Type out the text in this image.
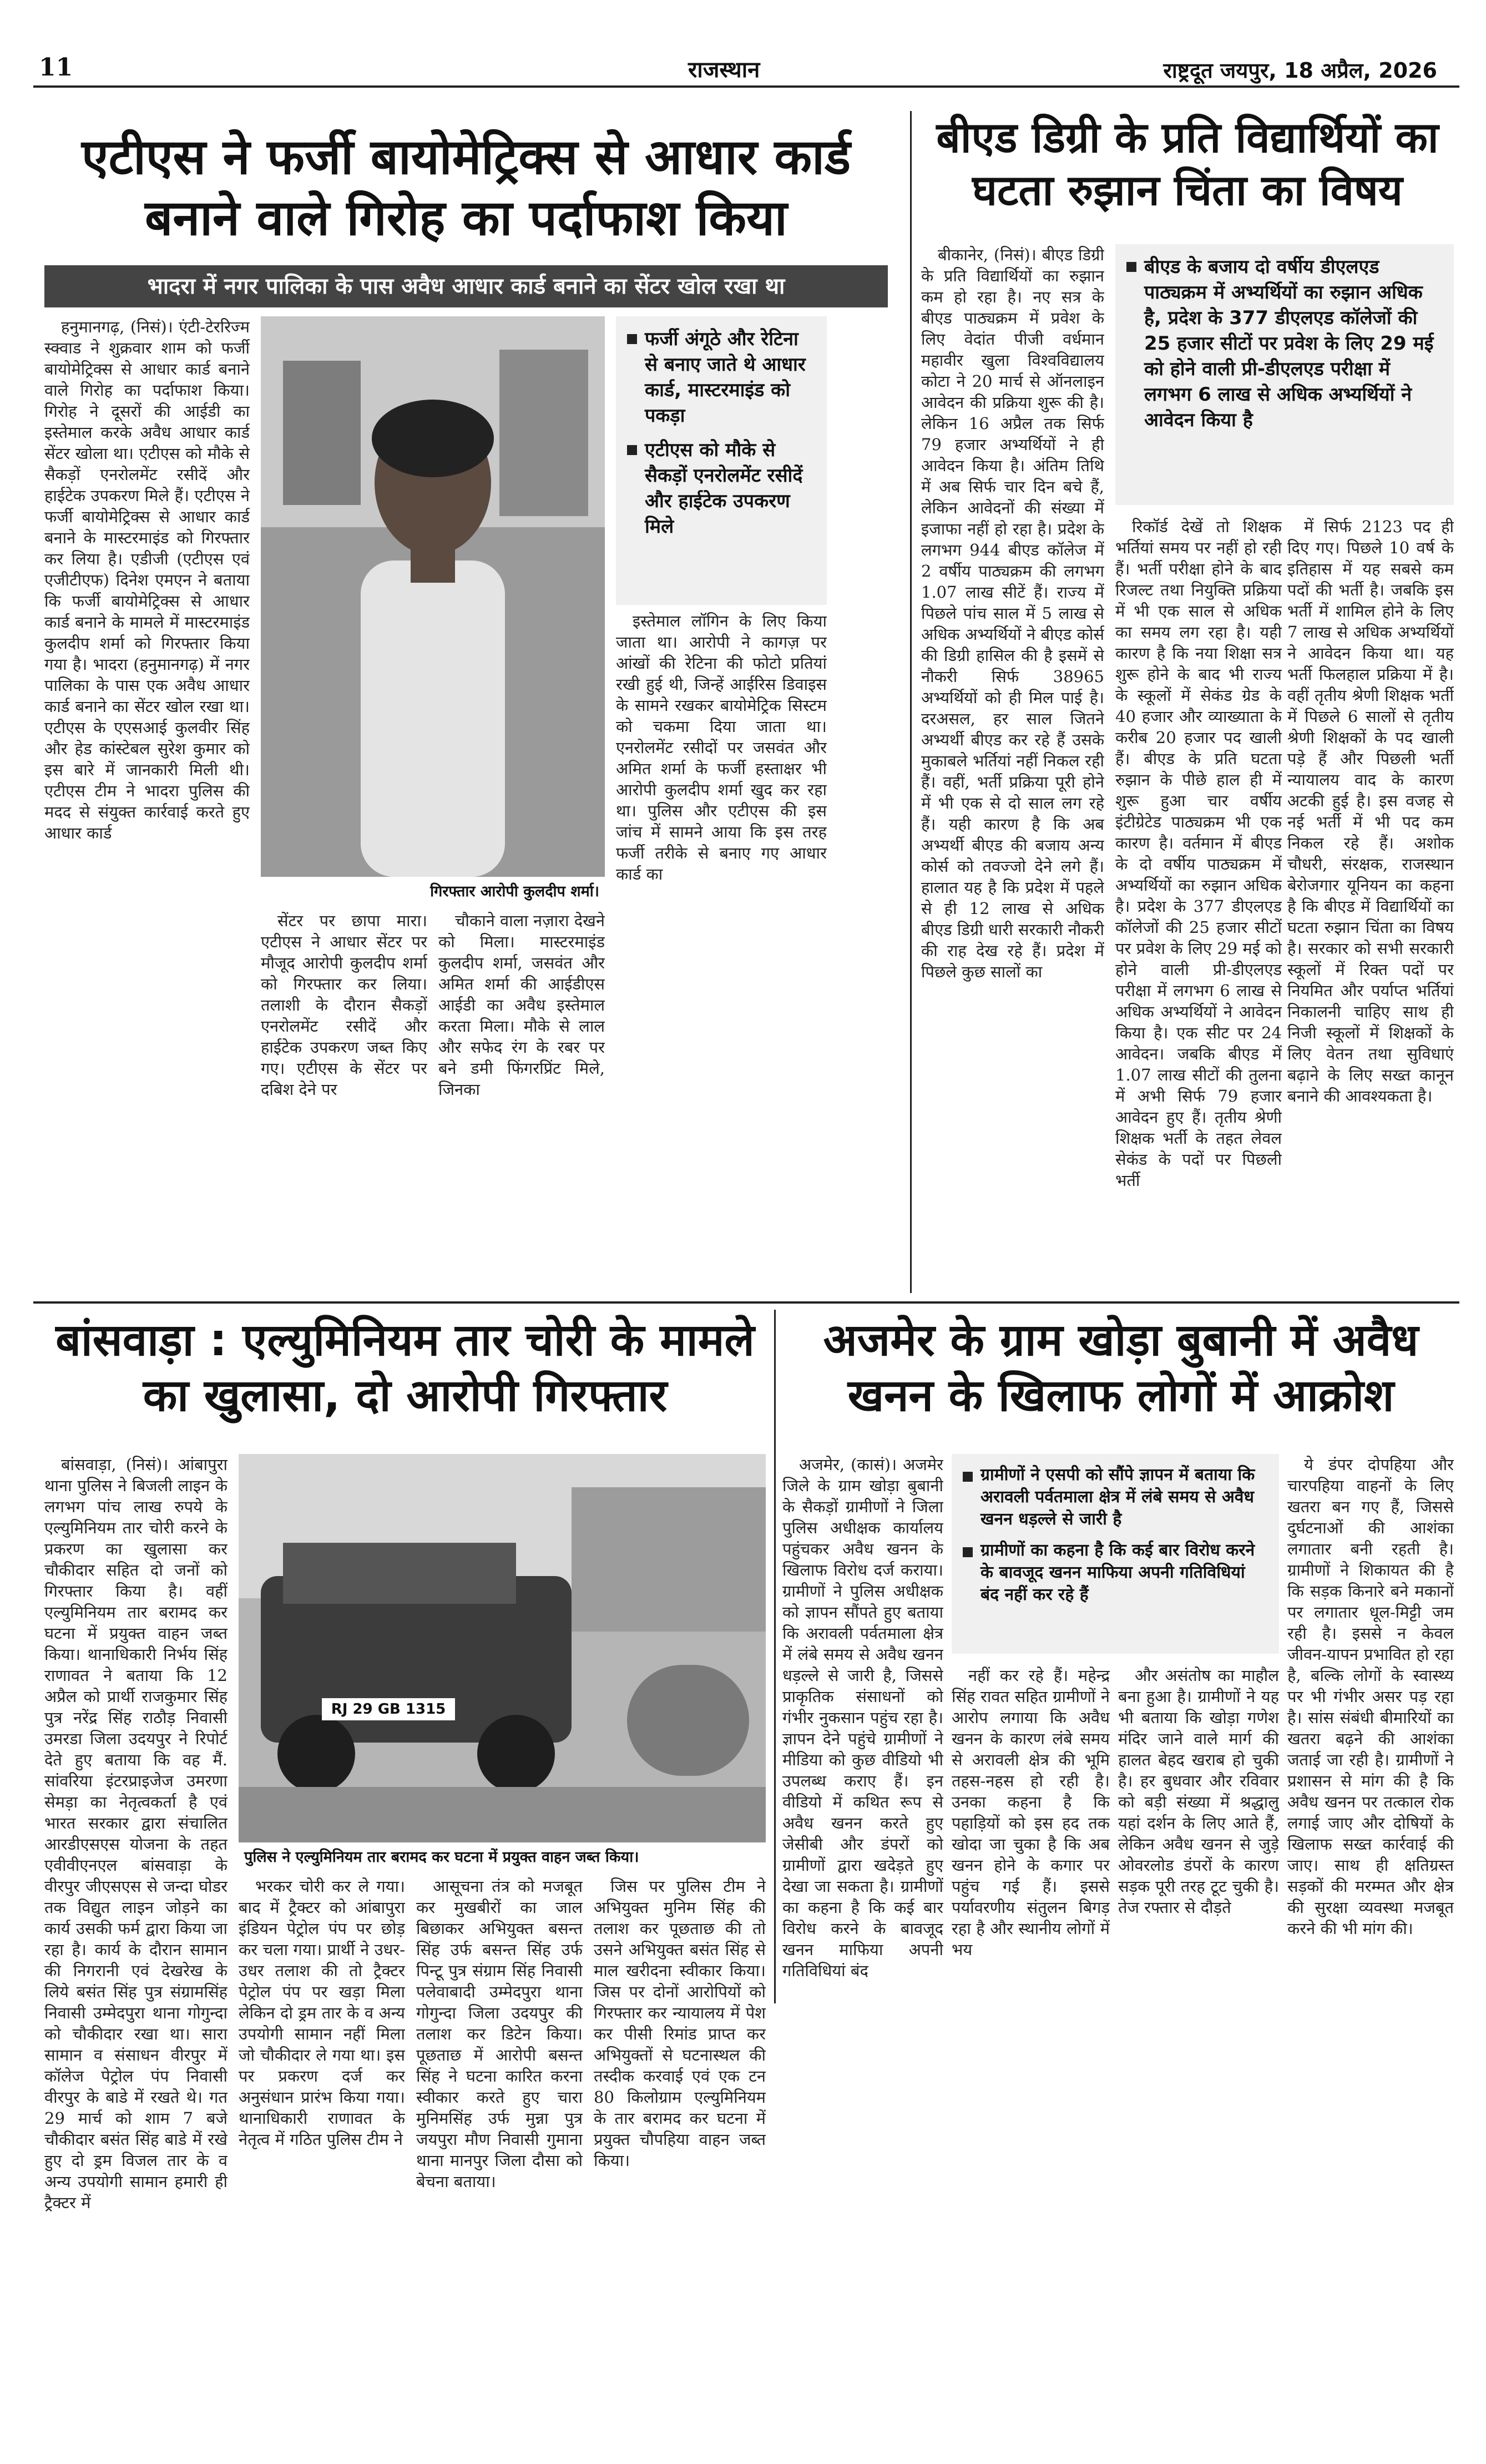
11	राजस्थान	राष्ट्रदूत जयपुर, 18 अप्रैल, 2026
एटीएस ने फर्जी बायोमेट्रिक्स से आधार कार्ड बनाने वाले गिरोह का पर्दाफाश किया
भादरा में नगर पालिका के पास अवैध आधार कार्ड बनाने का सेंटर खोल रखा था

हनुमानगढ़, (निसं)। एंटी-टेररिज्म स्क्वाड ने शुक्रवार शाम को फर्जी बायोमेट्रिक्स से आधार कार्ड बनाने वाले गिरोह का पर्दाफाश किया। गिरोह ने दूसरों की आईडी का इस्तेमाल करके अवैध आधार कार्ड सेंटर खोला था। एटीएस को मौके से सैकड़ों एनरोलमेंट रसीदें और हाईटेक उपकरण मिले हैं। एटीएस ने फर्जी बायोमेट्रिक्स से आधार कार्ड बनाने के मास्टरमाइंड को गिरफ्तार कर लिया है। एडीजी (एटीएस एवं एजीटीएफ) दिनेश एमएन ने बताया कि फर्जी बायोमेट्रिक्स से आधार कार्ड बनाने के मामले में मास्टरमाइंड कुलदीप शर्मा को गिरफ्तार किया गया है। भादरा (हनुमानगढ़) में नगर पालिका के पास एक अवैध आधार कार्ड बनाने का सेंटर खोल रखा था। एटीएस के एएसआई कुलवीर सिंह और हेड कांस्टेबल सुरेश कुमार को इस बारे में जानकारी मिली थी। एटीएस टीम ने भादरा पुलिस की मदद से संयुक्त कार्रवाई करते हुए आधार कार्ड

गिरफ्तार आरोपी कुलदीप शर्मा।

सेंटर पर छापा मारा। एटीएस ने आधार सेंटर पर मौजूद आरोपी कुलदीप शर्मा को गिरफ्तार कर लिया। तलाशी के दौरान सैकड़ों एनरोलमेंट रसीदें और हाईटेक उपकरण जब्त किए गए। एटीएस के सेंटर पर दबिश देने पर

चौकाने वाला नज़ारा देखने को मिला। मास्टरमाइंड कुलदीप शर्मा, जसवंत और अमित शर्मा की आईडीएस आईडी का अवैध इस्तेमाल करता मिला। मौके से लाल और सफेद रंग के रबर पर बने डमी फिंगरप्रिंट मिले, जिनका

फर्जी अंगूठे और रेटिना से बनाए जाते थे आधार कार्ड, मास्टरमाइंड को पकड़ा
एटीएस को मौके से सैकड़ों एनरोलमेंट रसीदें और हाईटेक उपकरण मिले

इस्तेमाल लॉगिन के लिए किया जाता था। आरोपी ने कागज़ पर आंखों की रेटिना की फोटो प्रतियां रखी हुई थी, जिन्हें आईरिस डिवाइस के सामने रखकर बायोमेट्रिक सिस्टम को चकमा दिया जाता था। एनरोलमेंट रसीदों पर जसवंत और अमित शर्मा के फर्जी हस्ताक्षर भी आरोपी कुलदीप शर्मा खुद कर रहा था। पुलिस और एटीएस की इस जांच में सामने आया कि इस तरह फर्जी तरीके से बनाए गए आधार कार्ड का

बीएड डिग्री के प्रति विद्यार्थियों का घटता रुझान चिंता का विषय

बीकानेर, (निसं)। बीएड डिग्री के प्रति विद्यार्थियों का रुझान कम हो रहा है। नए सत्र के बीएड पाठ्यक्रम में प्रवेश के लिए वेदांत पीजी वर्धमान महावीर खुला विश्वविद्यालय कोटा ने 20 मार्च से ऑनलाइन आवेदन की प्रक्रिया शुरू की है। लेकिन 16 अप्रैल तक सिर्फ 79 हजार अभ्यर्थियों ने ही आवेदन किया है। अंतिम तिथि में अब सिर्फ चार दिन बचे हैं, लेकिन आवेदनों की संख्या में इजाफा नहीं हो रहा है। प्रदेश के लगभग 944 बीएड कॉलेज में 2 वर्षीय पाठ्यक्रम की लगभग 1.07 लाख सीटें हैं। राज्य में पिछले पांच साल में 5 लाख से अधिक अभ्यर्थियों ने बीएड कोर्स की डिग्री हासिल की है इसमें से नौकरी सिर्फ 38965 अभ्यर्थियों को ही मिल पाई है। दरअसल, हर साल जितने अभ्यर्थी बीएड कर रहे हैं उसके मुकाबले भर्तियां नहीं निकल रही हैं। वहीं, भर्ती प्रक्रिया पूरी होने में भी एक से दो साल लग रहे हैं। यही कारण है कि अब अभ्यर्थी बीएड की बजाय अन्य कोर्स को तवज्जो देने लगे हैं। हालात यह है कि प्रदेश में पहले से ही 12 लाख से अधिक बीएड डिग्री धारी सरकारी नौकरी की राह देख रहे हैं। प्रदेश में पिछले कुछ सालों का

बीएड के बजाय दो वर्षीय डीएलएड पाठ्यक्रम में अभ्यर्थियों का रुझान अधिक है, प्रदेश के 377 डीएलएड कॉलेजों की 25 हजार सीटों पर प्रवेश के लिए 29 मई को होने वाली प्री-डीएलएड परीक्षा में लगभग 6 लाख से अधिक अभ्यर्थियों ने आवेदन किया है

रिकॉर्ड देखें तो शिक्षक भर्तियां समय पर नहीं हो रही हैं। भर्ती परीक्षा होने के बाद रिजल्ट तथा नियुक्ति प्रक्रिया में भी एक साल से अधिक का समय लग रहा है। यही कारण है कि नया शिक्षा सत्र शुरू होने के बाद भी राज्य के स्कूलों में सेकंड ग्रेड के 40 हजार और व्याख्याता के करीब 20 हजार पद खाली हैं। बीएड के प्रति घटता रुझान के पीछे हाल ही में शुरू हुआ चार वर्षीय इंटीग्रेटेड पाठ्यक्रम भी एक कारण है। वर्तमान में बीएड के दो वर्षीय पाठ्यक्रम में अभ्यर्थियों का रुझान अधिक है। प्रदेश के 377 डीएलएड कॉलेजों की 25 हजार सीटों पर प्रवेश के लिए 29 मई को होने वाली प्री-डीएलएड परीक्षा में लगभग 6 लाख से अधिक अभ्यर्थियों ने आवेदन किया है। एक सीट पर 24 आवेदन। जबकि बीएड में 1.07 लाख सीटों की तुलना में अभी सिर्फ 79 हजार आवेदन हुए हैं। तृतीय श्रेणी शिक्षक भर्ती के तहत लेवल सेकंड के पदों पर पिछली भर्ती

में सिर्फ 2123 पद ही दिए गए। पिछले 10 वर्ष के इतिहास में यह सबसे कम पदों की भर्ती है। जबकि इस भर्ती में शामिल होने के लिए 7 लाख से अधिक अभ्यर्थियों ने आवेदन किया था। यह भर्ती फिलहाल प्रक्रिया में है। वहीं तृतीय श्रेणी शिक्षक भर्ती में पिछले 6 सालों से तृतीय श्रेणी शिक्षकों के पद खाली पड़े हैं और पिछली भर्ती न्यायालय वाद के कारण अटकी हुई है। इस वजह से नई भर्ती में भी पद कम निकल रहे हैं। अशोक चौधरी, संरक्षक, राजस्थान बेरोजगार यूनियन का कहना है कि बीएड में विद्यार्थियों का घटता रुझान चिंता का विषय है। सरकार को सभी सरकारी स्कूलों में रिक्त पदों पर नियमित और पर्याप्त भर्तियां निकालनी चाहिए साथ ही निजी स्कूलों में शिक्षकों के लिए वेतन तथा सुविधाएं बढ़ाने के लिए सख्त कानून बनाने की आवश्यकता है।

बांसवाड़ा : एल्युमिनियम तार चोरी के मामले का खुलासा, दो आरोपी गिरफ्तार

बांसवाड़ा, (निसं)। आंबापुरा थाना पुलिस ने बिजली लाइन के लगभग पांच लाख रुपये के एल्युमिनियम तार चोरी करने के प्रकरण का खुलासा कर चौकीदार सहित दो जनों को गिरफ्तार किया है। वहीं एल्युमिनियम तार बरामद कर घटना में प्रयुक्त वाहन जब्त किया। थानाधिकारी निर्भय सिंह राणावत ने बताया कि 12 अप्रैल को प्रार्थी राजकुमार सिंह पुत्र नरेंद्र सिंह राठौड़ निवासी उमरडा जिला उदयपुर ने रिपोर्ट देते हुए बताया कि वह मैं. सांवरिया इंटरप्राइजेज उमरणा सेमड़ा का नेतृत्वकर्ता है एवं भारत सरकार द्वारा संचालित आरडीएसएस योजना के तहत एवीवीएनएल बांसवाड़ा के वीरपुर जीएसएस से जन्दा घोडर तक विद्युत लाइन जोड़ने का कार्य उसकी फर्म द्वारा किया जा रहा है। कार्य के दौरान सामान की निगरानी एवं देखरेख के लिये बसंत सिंह पुत्र संग्रामसिंह निवासी उम्मेदपुरा थाना गोगुन्दा को चौकीदार रखा था। सारा सामान व संसाधन वीरपुर में कॉलेज पेट्रोल पंप निवासी वीरपुर के बाडे में रखते थे। गत 29 मार्च को शाम 7 बजे चौकीदार बसंत सिंह बाडे में रखे हुए दो ड्रम विजल तार के व अन्य उपयोगी सामान हमारी ही ट्रैक्टर में

RJ 29 GB 1315
पुलिस ने एल्युमिनियम तार बरामद कर घटना में प्रयुक्त वाहन जब्त किया।

भरकर चोरी कर ले गया। बाद में ट्रैक्टर को आंबापुरा इंडियन पेट्रोल पंप पर छोड़ कर चला गया। प्रार्थी ने उधर-उधर तलाश की तो ट्रैक्टर पेट्रोल पंप पर खड़ा मिला लेकिन दो ड्रम तार के व अन्य उपयोगी सामान नहीं मिला जो चौकीदार ले गया था। इस पर प्रकरण दर्ज कर अनुसंधान प्रारंभ किया गया। थानाधिकारी राणावत के नेतृत्व में गठित पुलिस टीम ने

आसूचना तंत्र को मजबूत कर मुखबीरों का जाल बिछाकर अभियुक्त बसन्त सिंह उर्फ बसन्त सिंह उर्फ पिन्टू पुत्र संग्राम सिंह निवासी पलेवाबादी उम्मेदपुरा थाना गोगुन्दा जिला उदयपुर की तलाश कर डिटेन किया। पूछताछ में आरोपी बसन्त सिंह ने घटना कारित करना स्वीकार करते हुए चारा मुनिमसिंह उर्फ मुन्ना पुत्र जयपुरा मौण निवासी गुमाना थाना मानपुर जिला दौसा को बेचना बताया।

जिस पर पुलिस टीम ने अभियुक्त मुनिम सिंह की तलाश कर पूछताछ की तो उसने अभियुक्त बसंत सिंह से माल खरीदना स्वीकार किया। जिस पर दोनों आरोपियों को गिरफ्तार कर न्यायालय में पेश कर पीसी रिमांड प्राप्त कर अभियुक्तों से घटनास्थल की तस्दीक करवाई एवं एक टन 80 किलोग्राम एल्युमिनियम के तार बरामद कर घटना में प्रयुक्त चौपहिया वाहन जब्त किया।

अजमेर के ग्राम खोड़ा बुबानी में अवैध खनन के खिलाफ लोगों में आक्रोश

अजमेर, (कासं)। अजमेर जिले के ग्राम खोड़ा बुबानी के सैकड़ों ग्रामीणों ने जिला पुलिस अधीक्षक कार्यालय पहुंचकर अवैध खनन के खिलाफ विरोध दर्ज कराया। ग्रामीणों ने पुलिस अधीक्षक को ज्ञापन सौंपते हुए बताया कि अरावली पर्वतमाला क्षेत्र में लंबे समय से अवैध खनन धड़ल्ले से जारी है, जिससे प्राकृतिक संसाधनों को गंभीर नुकसान पहुंच रहा है। ज्ञापन देने पहुंचे ग्रामीणों ने मीडिया को कुछ वीडियो भी उपलब्ध कराए हैं। इन वीडियो में कथित रूप से अवैध खनन करते हुए जेसीबी और डंपरों को ग्रामीणों द्वारा खदेड़ते हुए देखा जा सकता है। ग्रामीणों का कहना है कि कई बार विरोध करने के बावजूद खनन माफिया अपनी गतिविधियां बंद

ग्रामीणों ने एसपी को सौंपे ज्ञापन में बताया कि अरावली पर्वतमाला क्षेत्र में लंबे समय से अवैध खनन धड़ल्ले से जारी है
ग्रामीणों का कहना है कि कई बार विरोध करने के बावजूद खनन माफिया अपनी गतिविधियां बंद नहीं कर रहे हैं

नहीं कर रहे हैं। महेन्द्र सिंह रावत सहित ग्रामीणों ने आरोप लगाया कि अवैध खनन के कारण लंबे समय से अरावली क्षेत्र की भूमि तहस-नहस हो रही है। उनका कहना है कि पहाड़ियों को इस हद तक खोदा जा चुका है कि अब खनन होने के कगार पर पहुंच गई हैं। इससे पर्यावरणीय संतुलन बिगड़ रहा है और स्थानीय लोगों में भय

और असंतोष का माहौल बना हुआ है। ग्रामीणों ने यह भी बताया कि खोड़ा गणेश मंदिर जाने वाले मार्ग की हालत बेहद खराब हो चुकी है। हर बुधवार और रविवार को बड़ी संख्या में श्रद्धालु यहां दर्शन के लिए आते हैं, लेकिन अवैध खनन से जुड़े ओवरलोड डंपरों के कारण सड़क पूरी तरह टूट चुकी है। तेज रफ्तार से दौड़ते

ये डंपर दोपहिया और चारपहिया वाहनों के लिए खतरा बन गए हैं, जिससे दुर्घटनाओं की आशंका लगातार बनी रहती है। ग्रामीणों ने शिकायत की है कि सड़क किनारे बने मकानों पर लगातार धूल-मिट्टी जम रही है। इससे न केवल जीवन-यापन प्रभावित हो रहा है, बल्कि लोगों के स्वास्थ्य पर भी गंभीर असर पड़ रहा है। सांस संबंधी बीमारियों का खतरा बढ़ने की आशंका जताई जा रही है। ग्रामीणों ने प्रशासन से मांग की है कि अवैध खनन पर तत्काल रोक लगाई जाए और दोषियों के खिलाफ सख्त कार्रवाई की जाए। साथ ही क्षतिग्रस्त सड़कों की मरम्मत और क्षेत्र की सुरक्षा व्यवस्था मजबूत करने की भी मांग की।
